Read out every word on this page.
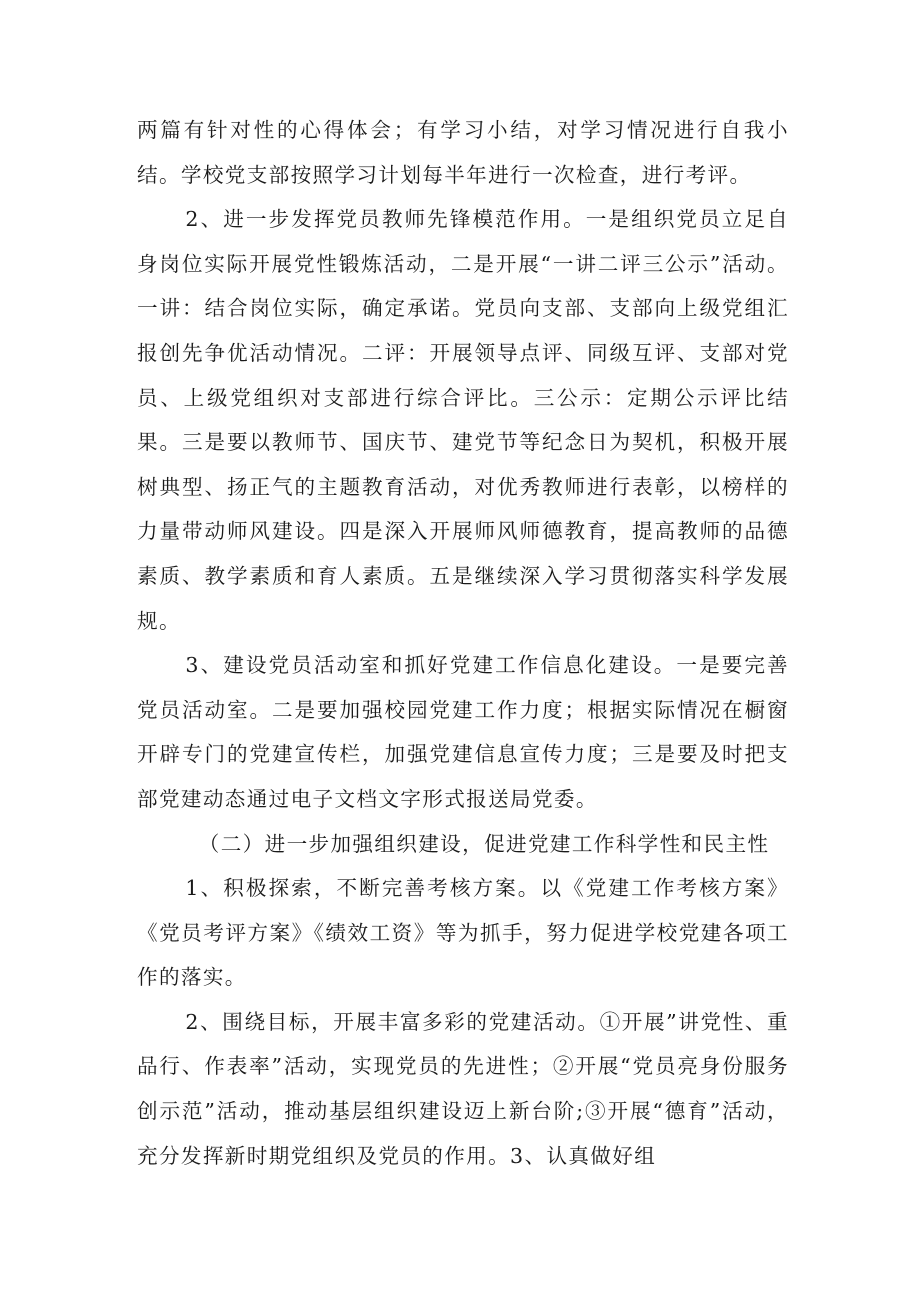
两篇有针对性的心得体会；有学习小结，对学习情况进行自我小结。学校党支部按照学习计划每半年进行一次检查，进行考评。

2、进一步发挥党员教师先锋模范作用。一是组织党员立足自身岗位实际开展党性锻炼活动，二是开展“一讲二评三公示”活动。一讲：结合岗位实际，确定承诺。党员向支部、支部向上级党组汇报创先争优活动情况。二评：开展领导点评、同级互评、支部对党员、上级党组织对支部进行综合评比。三公示：定期公示评比结果。三是要以教师节、国庆节、建党节等纪念日为契机，积极开展树典型、扬正气的主题教育活动，对优秀教师进行表彰，以榜样的力量带动师风建设。四是深入开展师风师德教育，提高教师的品德素质、教学素质和育人素质。五是继续深入学习贯彻落实科学发展规。

3、建设党员活动室和抓好党建工作信息化建设。一是要完善党员活动室。二是要加强校园党建工作力度；根据实际情况在橱窗开辟专门的党建宣传栏，加强党建信息宣传力度；三是要及时把支部党建动态通过电子文档文字形式报送局党委。

（二）进一步加强组织建设，促进党建工作科学性和民主性

1、积极探索，不断完善考核方案。以《党建工作考核方案》《党员考评方案》《绩效工资》等为抓手，努力促进学校党建各项工作的落实。

2、围绕目标，开展丰富多彩的党建活动。①开展”讲党性、重品行、作表率”活动，实现党员的先进性；②开展“党员亮身份服务创示范”活动，推动基层组织建设迈上新台阶;③开展“德育”活动，充分发挥新时期党组织及党员的作用。3、认真做好组
